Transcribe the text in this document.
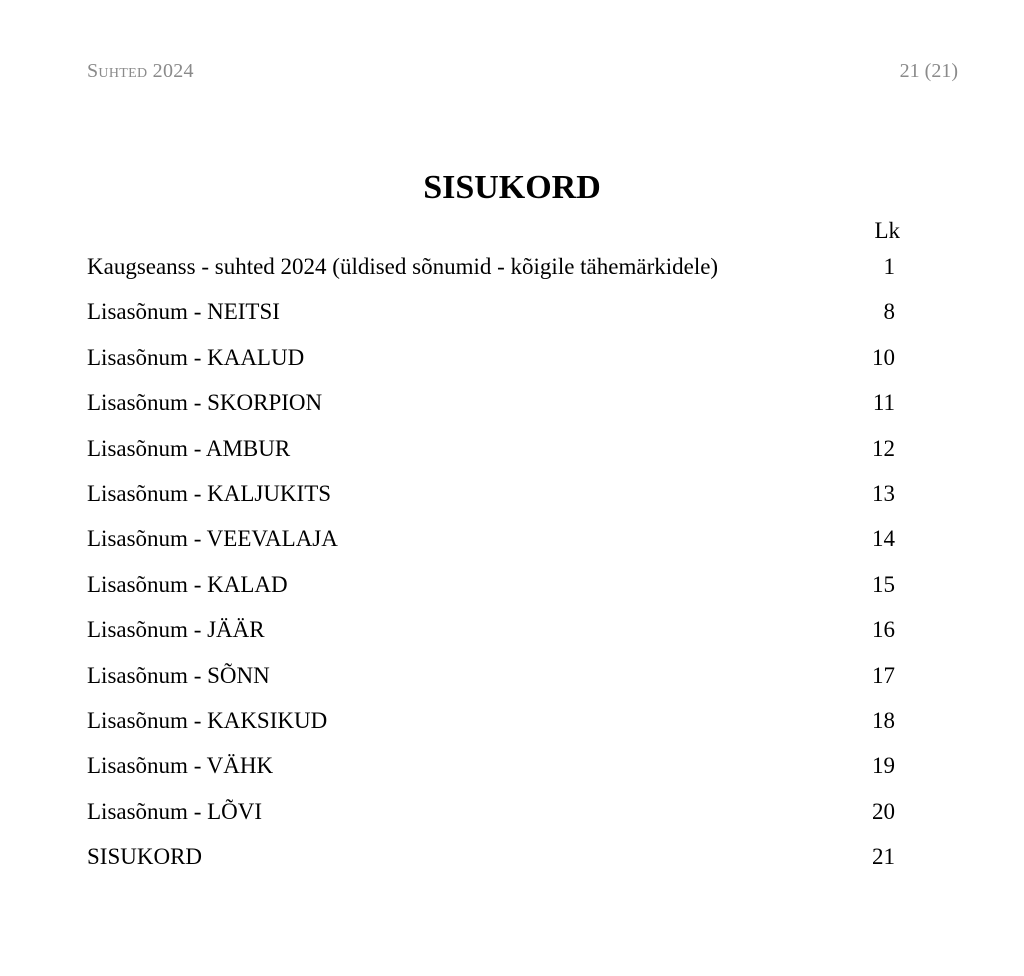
Suhted 2024	21 (21)
SISUKORD
Lk
Kaugseanss - suhted 2024 (üldised sõnumid - kõigile tähemärkidele)	1
Lisasõnum - NEITSI	8
Lisasõnum - KAALUD	10
Lisasõnum - SKORPION	11
Lisasõnum - AMBUR	12
Lisasõnum - KALJUKITS	13
Lisasõnum - VEEVALAJA	14
Lisasõnum - KALAD	15
Lisasõnum - JÄÄR	16
Lisasõnum - SÕNN	17
Lisasõnum - KAKSIKUD	18
Lisasõnum - VÄHK	19
Lisasõnum - LÕVI	20
SISUKORD	21
